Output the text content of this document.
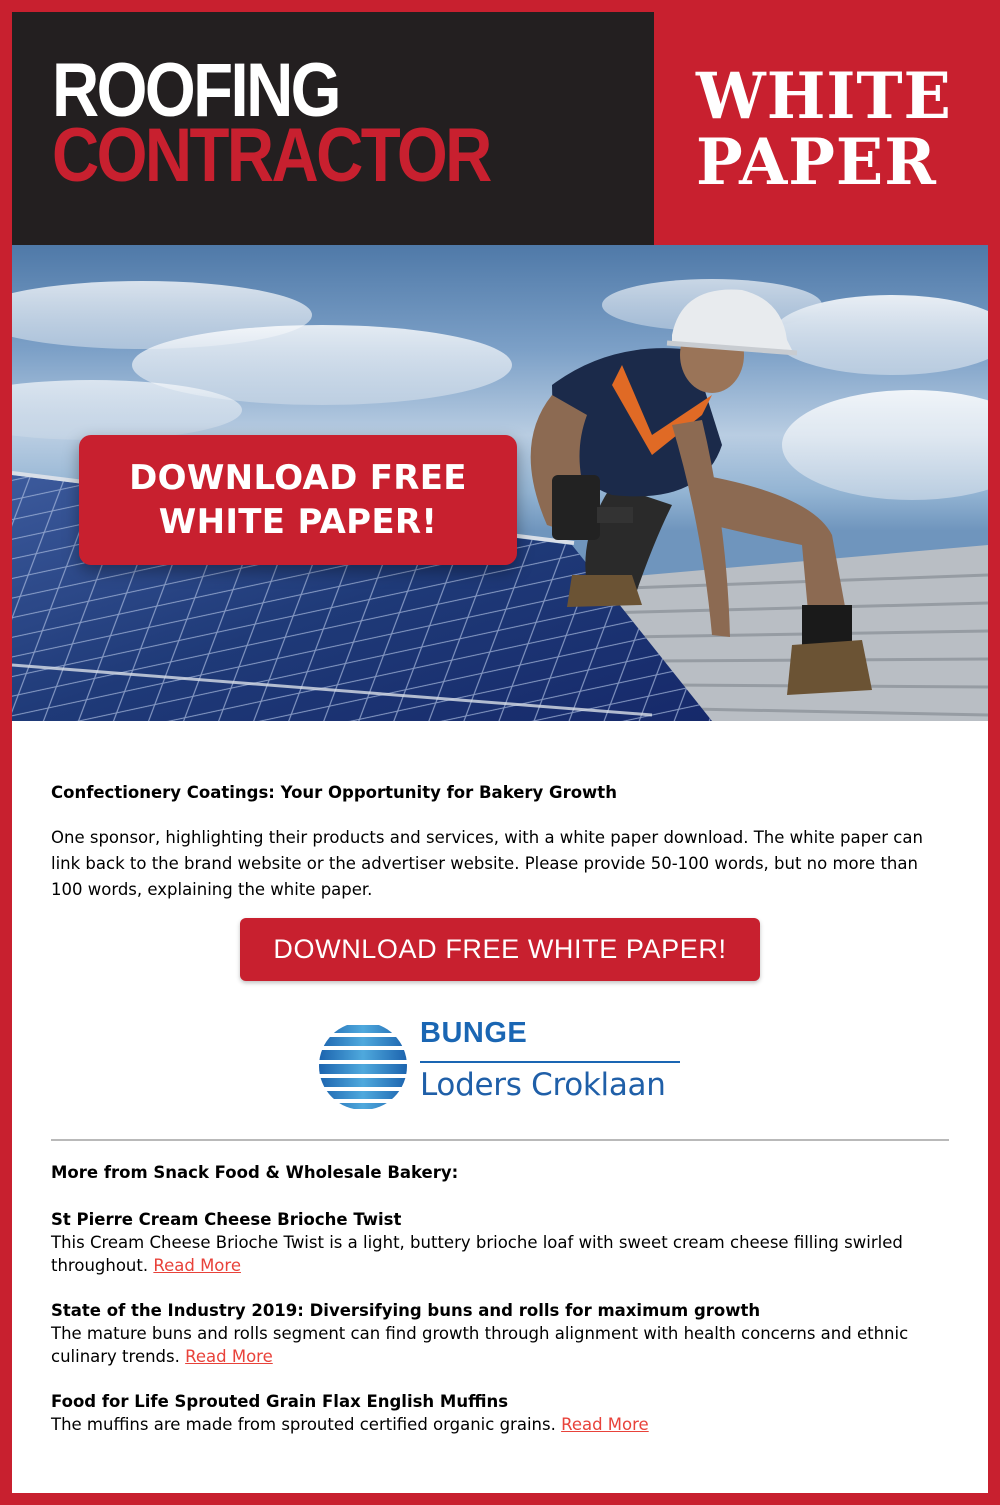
ROOFING
CONTRACTOR
WHITE
PAPER
DOWNLOAD FREE
WHITE PAPER!
Confectionery Coatings: Your Opportunity for Bakery Growth
One sponsor, highlighting their products and services, with a white paper download. The white paper can link back to the brand website or the advertiser website. Please provide 50-100 words, but no more than 100 words, explaining the white paper.
DOWNLOAD FREE WHITE PAPER!
BUNGE
Loders Croklaan
More from Snack Food & Wholesale Bakery:
St Pierre Cream Cheese Brioche Twist
This Cream Cheese Brioche Twist is a light, buttery brioche loaf with sweet cream cheese filling swirled throughout. Read More
State of the Industry 2019: Diversifying buns and rolls for maximum growth
The mature buns and rolls segment can find growth through alignment with health concerns and ethnic culinary trends. Read More
Food for Life Sprouted Grain Flax English Muffins
The muffins are made from sprouted certified organic grains. Read More
